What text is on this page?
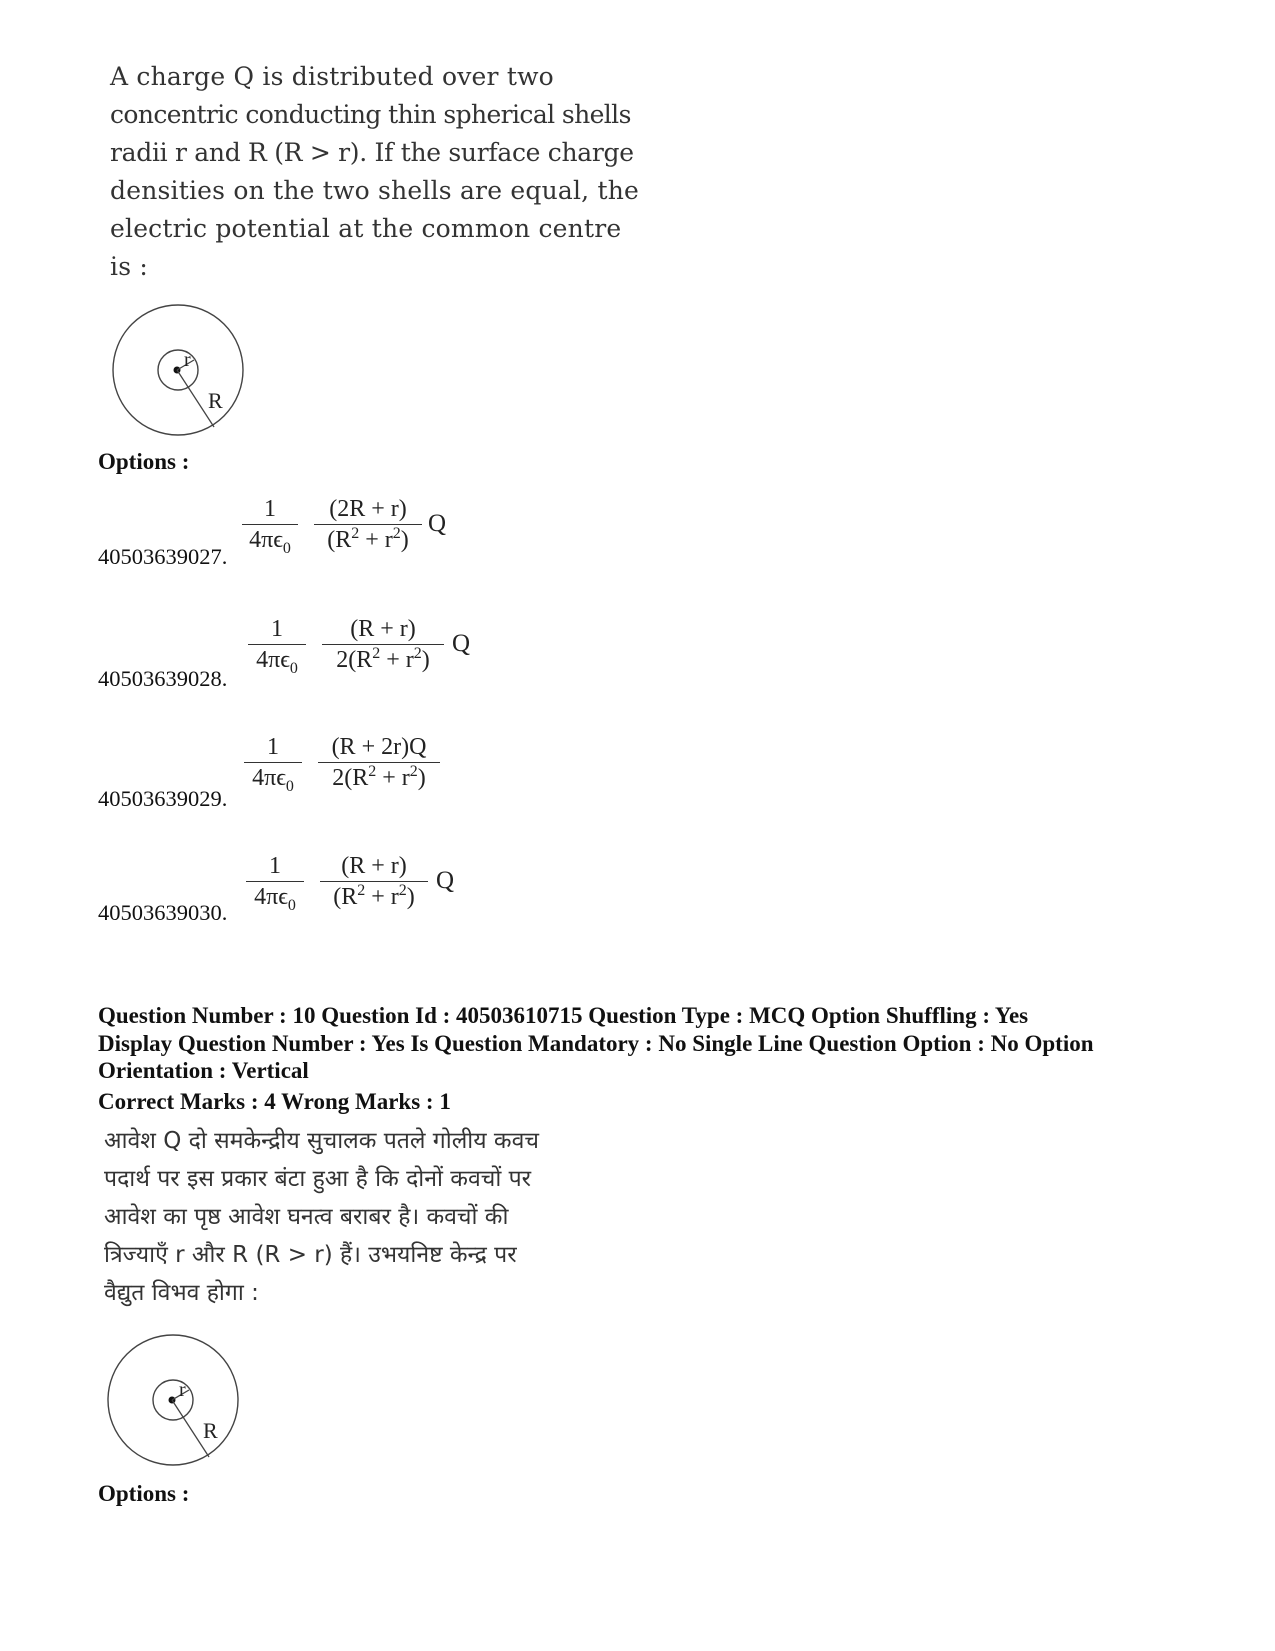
A charge Q is distributed over two
concentric conducting thin spherical shells
radii r and R (R > r). If the surface charge
densities on the two shells are equal, the
electric potential at the common centre
is :
r
R
Options :
40503639027.
1
$4\pi\epsilon_0$
(2R + r)
$(R^2 + r^2)$
Q
40503639028.
1
$4\pi\epsilon_0$
(R + r)
$2(R^2 + r^2)$
Q
40503639029.
1
$4\pi\epsilon_0$
(R + 2r)Q
$2(R^2 + r^2)$
40503639030.
1
$4\pi\epsilon_0$
(R + r)
$(R^2 + r^2)$
Q
Question Number : 10 Question Id : 40503610715 Question Type : MCQ Option Shuffling : Yes
Display Question Number : Yes Is Question Mandatory : No Single Line Question Option : No Option
Orientation : Vertical
Correct Marks : 4 Wrong Marks : 1
आवेश Q दो समकेन्द्रीय सुचालक पतले गोलीय कवच
पदार्थ पर इस प्रकार बंटा हुआ है कि दोनों कवचों पर
आवेश का पृष्ठ आवेश घनत्व बराबर है। कवचों की
त्रिज्याएँ r और R (R > r) हैं। उभयनिष्ट केन्द्र पर
वैद्युत विभव होगा :
r
R
Options :
